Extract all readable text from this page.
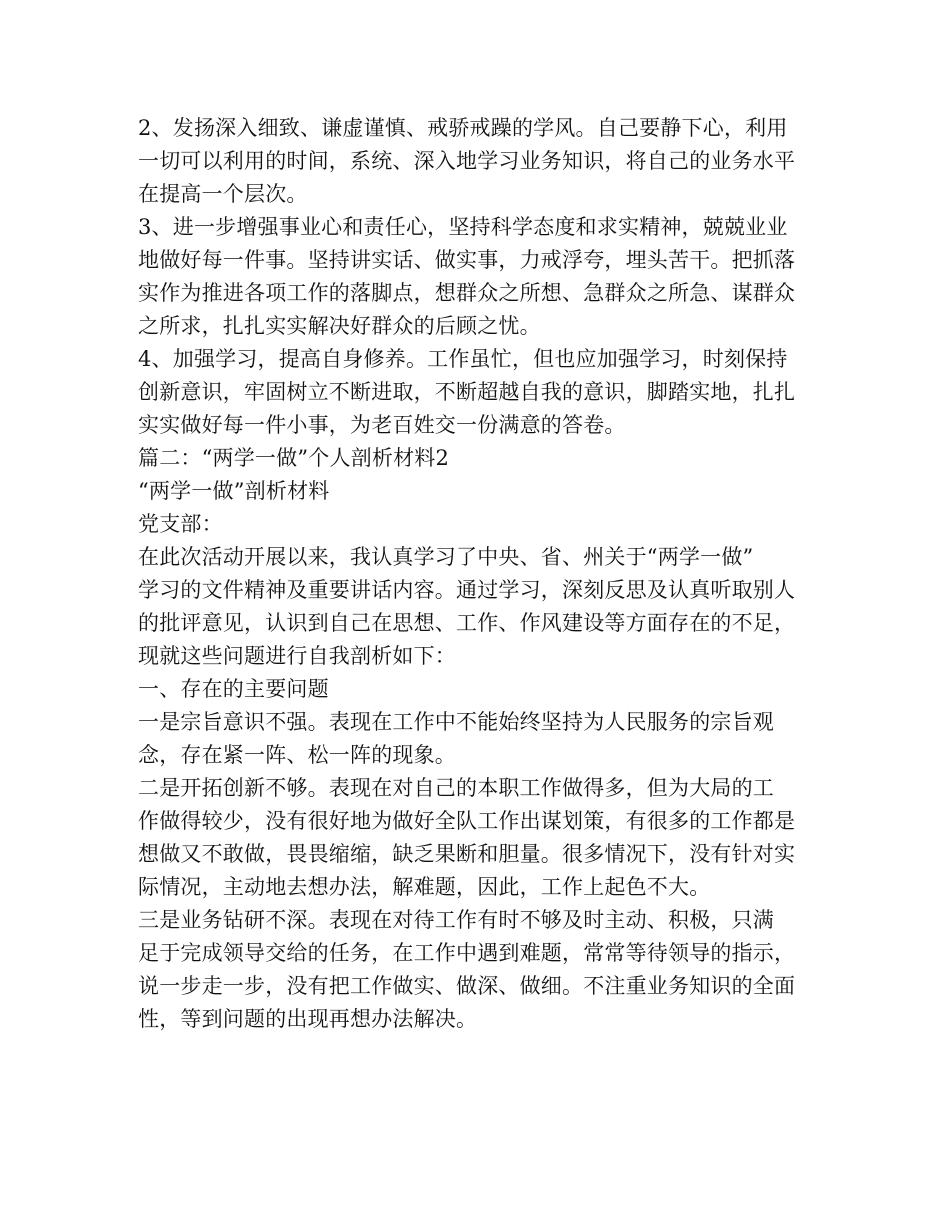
2、发扬深入细致、谦虚谨慎、戒骄戒躁的学风。自己要静下心，利用
一切可以利用的时间，系统、深入地学习业务知识，将自己的业务水平
在提高一个层次。
3、进一步增强事业心和责任心，坚持科学态度和求实精神，兢兢业业
地做好每一件事。坚持讲实话、做实事，力戒浮夸，埋头苦干。把抓落
实作为推进各项工作的落脚点，想群众之所想、急群众之所急、谋群众
之所求，扎扎实实解决好群众的后顾之忧。
4、加强学习，提高自身修养。工作虽忙，但也应加强学习，时刻保持
创新意识，牢固树立不断进取，不断超越自我的意识，脚踏实地，扎扎
实实做好每一件小事，为老百姓交一份满意的答卷。
篇二：“两学一做”个人剖析材料2
“两学一做”剖析材料
党支部：
在此次活动开展以来，我认真学习了中央、省、州关于“两学一做”
学习的文件精神及重要讲话内容。通过学习，深刻反思及认真听取别人
的批评意见，认识到自己在思想、工作、作风建设等方面存在的不足，
现就这些问题进行自我剖析如下：
一、存在的主要问题
一是宗旨意识不强。表现在工作中不能始终坚持为人民服务的宗旨观
念，存在紧一阵、松一阵的现象。
二是开拓创新不够。表现在对自己的本职工作做得多，但为大局的工
作做得较少，没有很好地为做好全队工作出谋划策，有很多的工作都是
想做又不敢做，畏畏缩缩，缺乏果断和胆量。很多情况下，没有针对实
际情况，主动地去想办法，解难题，因此，工作上起色不大。
三是业务钻研不深。表现在对待工作有时不够及时主动、积极，只满
足于完成领导交给的任务，在工作中遇到难题，常常等待领导的指示，
说一步走一步，没有把工作做实、做深、做细。不注重业务知识的全面
性，等到问题的出现再想办法解决。
